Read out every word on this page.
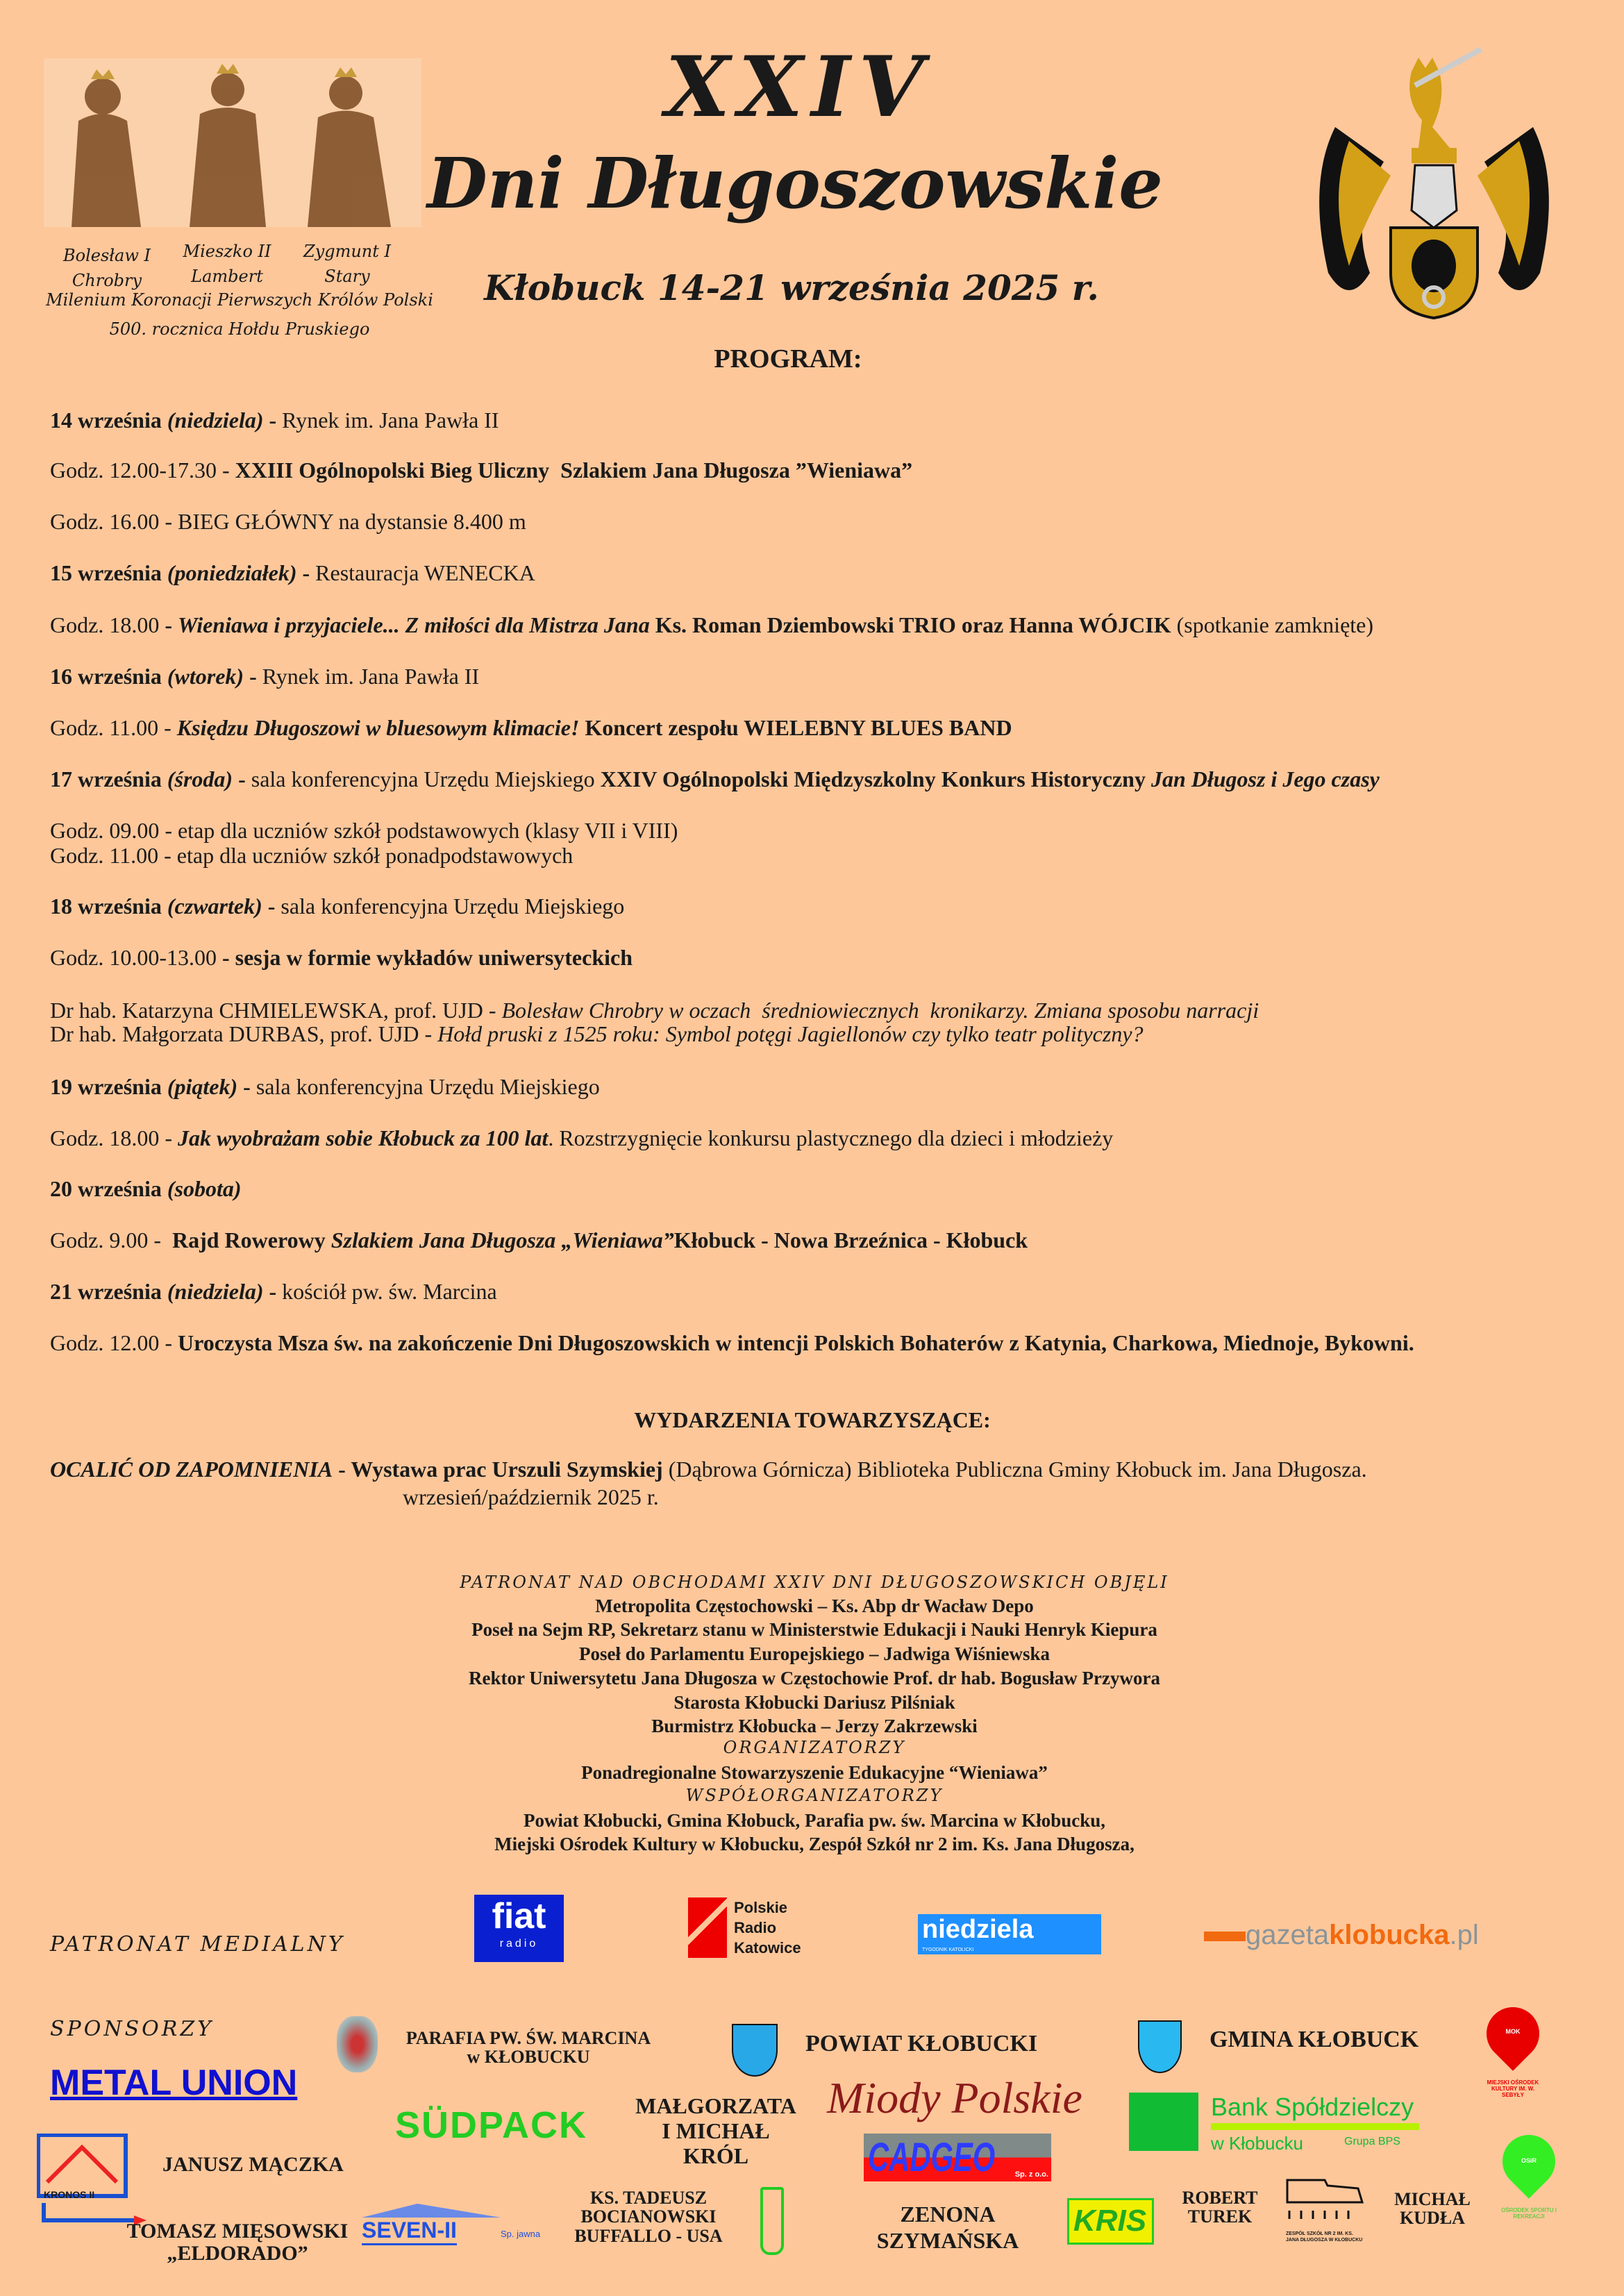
Bolesław I
Chrobry
Mieszko II
Lambert
Zygmunt I
Stary
Milenium Koronacji Pierwszych Królów Polski
500. rocznica Hołdu Pruskiego
XXIV
Dni Długoszowskie
Kłobuck 14-21 września 2025 r.
PROGRAM:
14 września (niedziela) - Rynek im. Jana Pawła II
Godz. 12.00-17.30 - XXIII Ogólnopolski Bieg Uliczny  Szlakiem Jana Długosza ”Wieniawa”
Godz. 16.00 - BIEG GŁÓWNY na dystansie 8.400 m
15 września (poniedziałek) - Restauracja WENECKA
Godz. 18.00 - Wieniawa i przyjaciele... Z miłości dla Mistrza Jana Ks. Roman Dziembowski TRIO oraz Hanna WÓJCIK (spotkanie zamknięte)
16 września (wtorek) - Rynek im. Jana Pawła II
Godz. 11.00 - Księdzu Długoszowi w bluesowym klimacie! Koncert zespołu WIELEBNY BLUES BAND
17 września (środa) - sala konferencyjna Urzędu Miejskiego XXIV Ogólnopolski Międzyszkolny Konkurs Historyczny Jan Długosz i Jego czasy
Godz. 09.00 - etap dla uczniów szkół podstawowych (klasy VII i VIII)
Godz. 11.00 - etap dla uczniów szkół ponadpodstawowych
18 września (czwartek) - sala konferencyjna Urzędu Miejskiego
Godz. 10.00-13.00 - sesja w formie wykładów uniwersyteckich
Dr hab. Katarzyna CHMIELEWSKA, prof. UJD - Bolesław Chrobry w oczach  średniowiecznych  kronikarzy. Zmiana sposobu narracji
Dr hab. Małgorzata DURBAS, prof. UJD - Hołd pruski z 1525 roku: Symbol potęgi Jagiellonów czy tylko teatr polityczny?
19 września (piątek) - sala konferencyjna Urzędu Miejskiego
Godz. 18.00 - Jak wyobrażam sobie Kłobuck za 100 lat. Rozstrzygnięcie konkursu plastycznego dla dzieci i młodzieży
20 września (sobota)
Godz. 9.00 -  Rajd Rowerowy Szlakiem Jana Długosza „Wieniawa”Kłobuck - Nowa Brzeźnica - Kłobuck
21 września (niedziela) - kościół pw. św. Marcina
Godz. 12.00 - Uroczysta Msza św. na zakończenie Dni Długoszowskich w intencji Polskich Bohaterów z Katynia, Charkowa, Miednoje, Bykowni.
WYDARZENIA TOWARZYSZĄCE:
OCALIĆ OD ZAPOMNIENIA - Wystawa prac Urszuli Szymskiej (Dąbrowa Górnicza) Biblioteka Publiczna Gminy Kłobuck im. Jana Długosza.
wrzesień/październik 2025 r.
PATRONAT NAD OBCHODAMI XXIV DNI DŁUGOSZOWSKICH OBJĘLI
Metropolita Częstochowski – Ks. Abp dr Wacław Depo
Poseł na Sejm RP, Sekretarz stanu w Ministerstwie Edukacji i Nauki Henryk Kiepura
Poseł do Parlamentu Europejskiego – Jadwiga Wiśniewska
Rektor Uniwersytetu Jana Długosza w Częstochowie Prof. dr hab. Bogusław Przywora
Starosta Kłobucki Dariusz Pilśniak
Burmistrz Kłobucka – Jerzy Zakrzewski
ORGANIZATORZY
Ponadregionalne Stowarzyszenie Edukacyjne “Wieniawa”
WSPÓŁORGANIZATORZY
Powiat Kłobucki, Gmina Kłobuck, Parafia pw. św. Marcina w Kłobucku,
Miejski Ośrodek Kultury w Kłobucku, Zespół Szkół nr 2 im. Ks. Jana Długosza,
PATRONAT MEDIALNY
fiat
radio
Polskie
Radio
Katowice
niedziela
TYGODNIK KATOLICKI	gazetaklobucka.pl
SPONSORZY
METAL UNION
PARAFIA PW. ŚW. MARCINA
w KŁOBUCKU
POWIAT KŁOBUCKI	GMINA KŁOBUCK	MOK
MIEJSKI OŚRODEK KULTURY IM. W. SEBYŁY
SÜDPACK MAŁGORZATA
I MICHAŁ
KRÓL
Miody Polskie	Bank Spółdzielczy
w Kłobucku	Grupa BPS
CADGEO	Sp. z o.o.
KRONOS II
JANUSZ MĄCZKA
TOMASZ MIĘSOWSKI
„ELDORADO”
SEVEN-II	Sp. jawna
KS. TADEUSZ
BOCIANOWSKI
BUFFALLO - USA
ZENONA
SZYMAŃSKA
KRIS
ROBERT
TUREK
ZESPÓŁ SZKÓŁ NR 2 IM. KS. JANA DŁUGOSZA W KŁOBUCKU
MICHAŁ
KUDŁA
OSiR
OŚRODEK SPORTU I REKREACJI
